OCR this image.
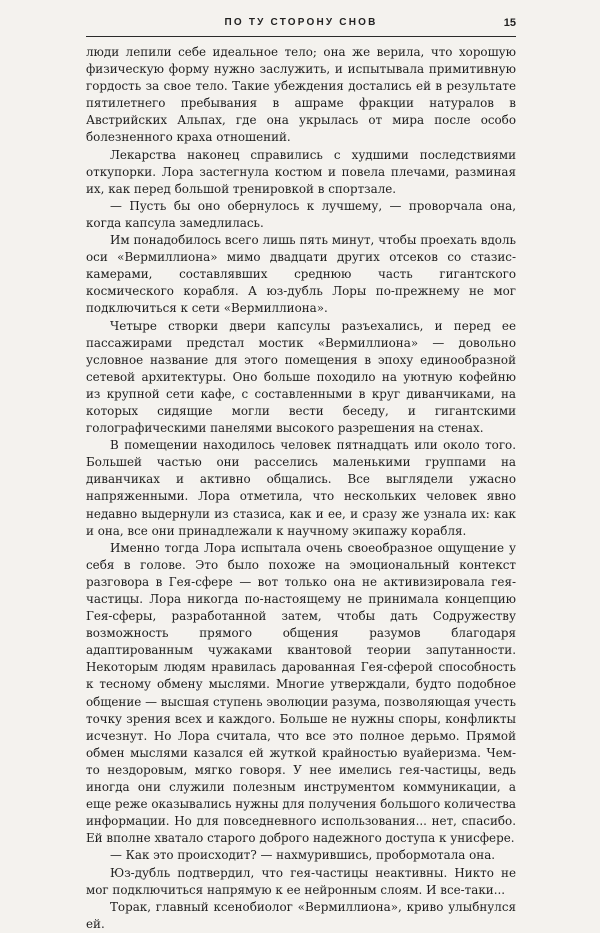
ПО ТУ СТОРОНУ СНОВ	15

люди лепили себе идеальное тело; она же верила, что хорошую физическую форму нужно заслужить, и испытывала примитивную гордость за свое тело. Такие убеждения достались ей в результате пятилетнего пребывания в ашраме фракции натуралов в Австрийских Альпах, где она укрылась от мира после особо болезненного краха отношений.

Лекарства наконец справились с худшими последствиями откупорки. Лора застегнула костюм и повела плечами, разминая их, как перед большой тренировкой в спортзале.

— Пусть бы оно обернулось к лучшему, — проворчала она, когда капсула замедлилась.

Им понадобилось всего лишь пять минут, чтобы проехать вдоль оси «Вермиллиона» мимо двадцати других отсеков со стазис-камерами, составлявших среднюю часть гигантского космического корабля. А юз-дубль Лоры по-прежнему не мог подключиться к сети «Вермиллиона».

Четыре створки двери капсулы разъехались, и перед ее пассажирами предстал мостик «Вермиллиона» — довольно условное название для этого помещения в эпоху единообразной сетевой архитектуры. Оно больше походило на уютную кофейню из крупной сети кафе, с составленными в круг диванчиками, на которых сидящие могли вести беседу, и гигантскими голографическими панелями высокого разрешения на стенах.

В помещении находилось человек пятнадцать или около того. Большей частью они расселись маленькими группами на диванчиках и активно общались. Все выглядели ужасно напряженными. Лора отметила, что нескольких человек явно недавно выдернули из стазиса, как и ее, и сразу же узнала их: как и она, все они принадлежали к научному экипажу корабля.

Именно тогда Лора испытала очень своеобразное ощущение у себя в голове. Это было похоже на эмоциональный контекст разговора в Гея-сфере — вот только она не активизировала гея-частицы. Лора никогда по-настоящему не принимала концепцию Гея-сферы, разработанной затем, чтобы дать Содружеству возможность прямого общения разумов благодаря адаптированным чужаками квантовой теории запутанности. Некоторым людям нравилась дарованная Гея-сферой способность к тесному обмену мыслями. Многие утверждали, будто подобное общение — высшая ступень эволюции разума, позволяющая учесть точку зрения всех и каждого. Больше не нужны споры, конфликты исчезнут. Но Лора считала, что все это полное дерьмо. Прямой обмен мыслями казался ей жуткой крайностью вуайеризма. Чем-то нездоровым, мягко говоря. У нее имелись гея-частицы, ведь иногда они служили полезным инструментом коммуникации, а еще реже оказывались нужны для получения большого количества информации. Но для повседневного использования... нет, спасибо. Ей вполне хватало старого доброго надежного доступа к унисфере.

— Как это происходит? — нахмурившись, пробормотала она.

Юз-дубль подтвердил, что гея-частицы неактивны. Никто не мог подключиться напрямую к ее нейронным слоям. И все-таки...

Торак, главный ксенобиолог «Вермиллиона», криво улыбнулся ей.
